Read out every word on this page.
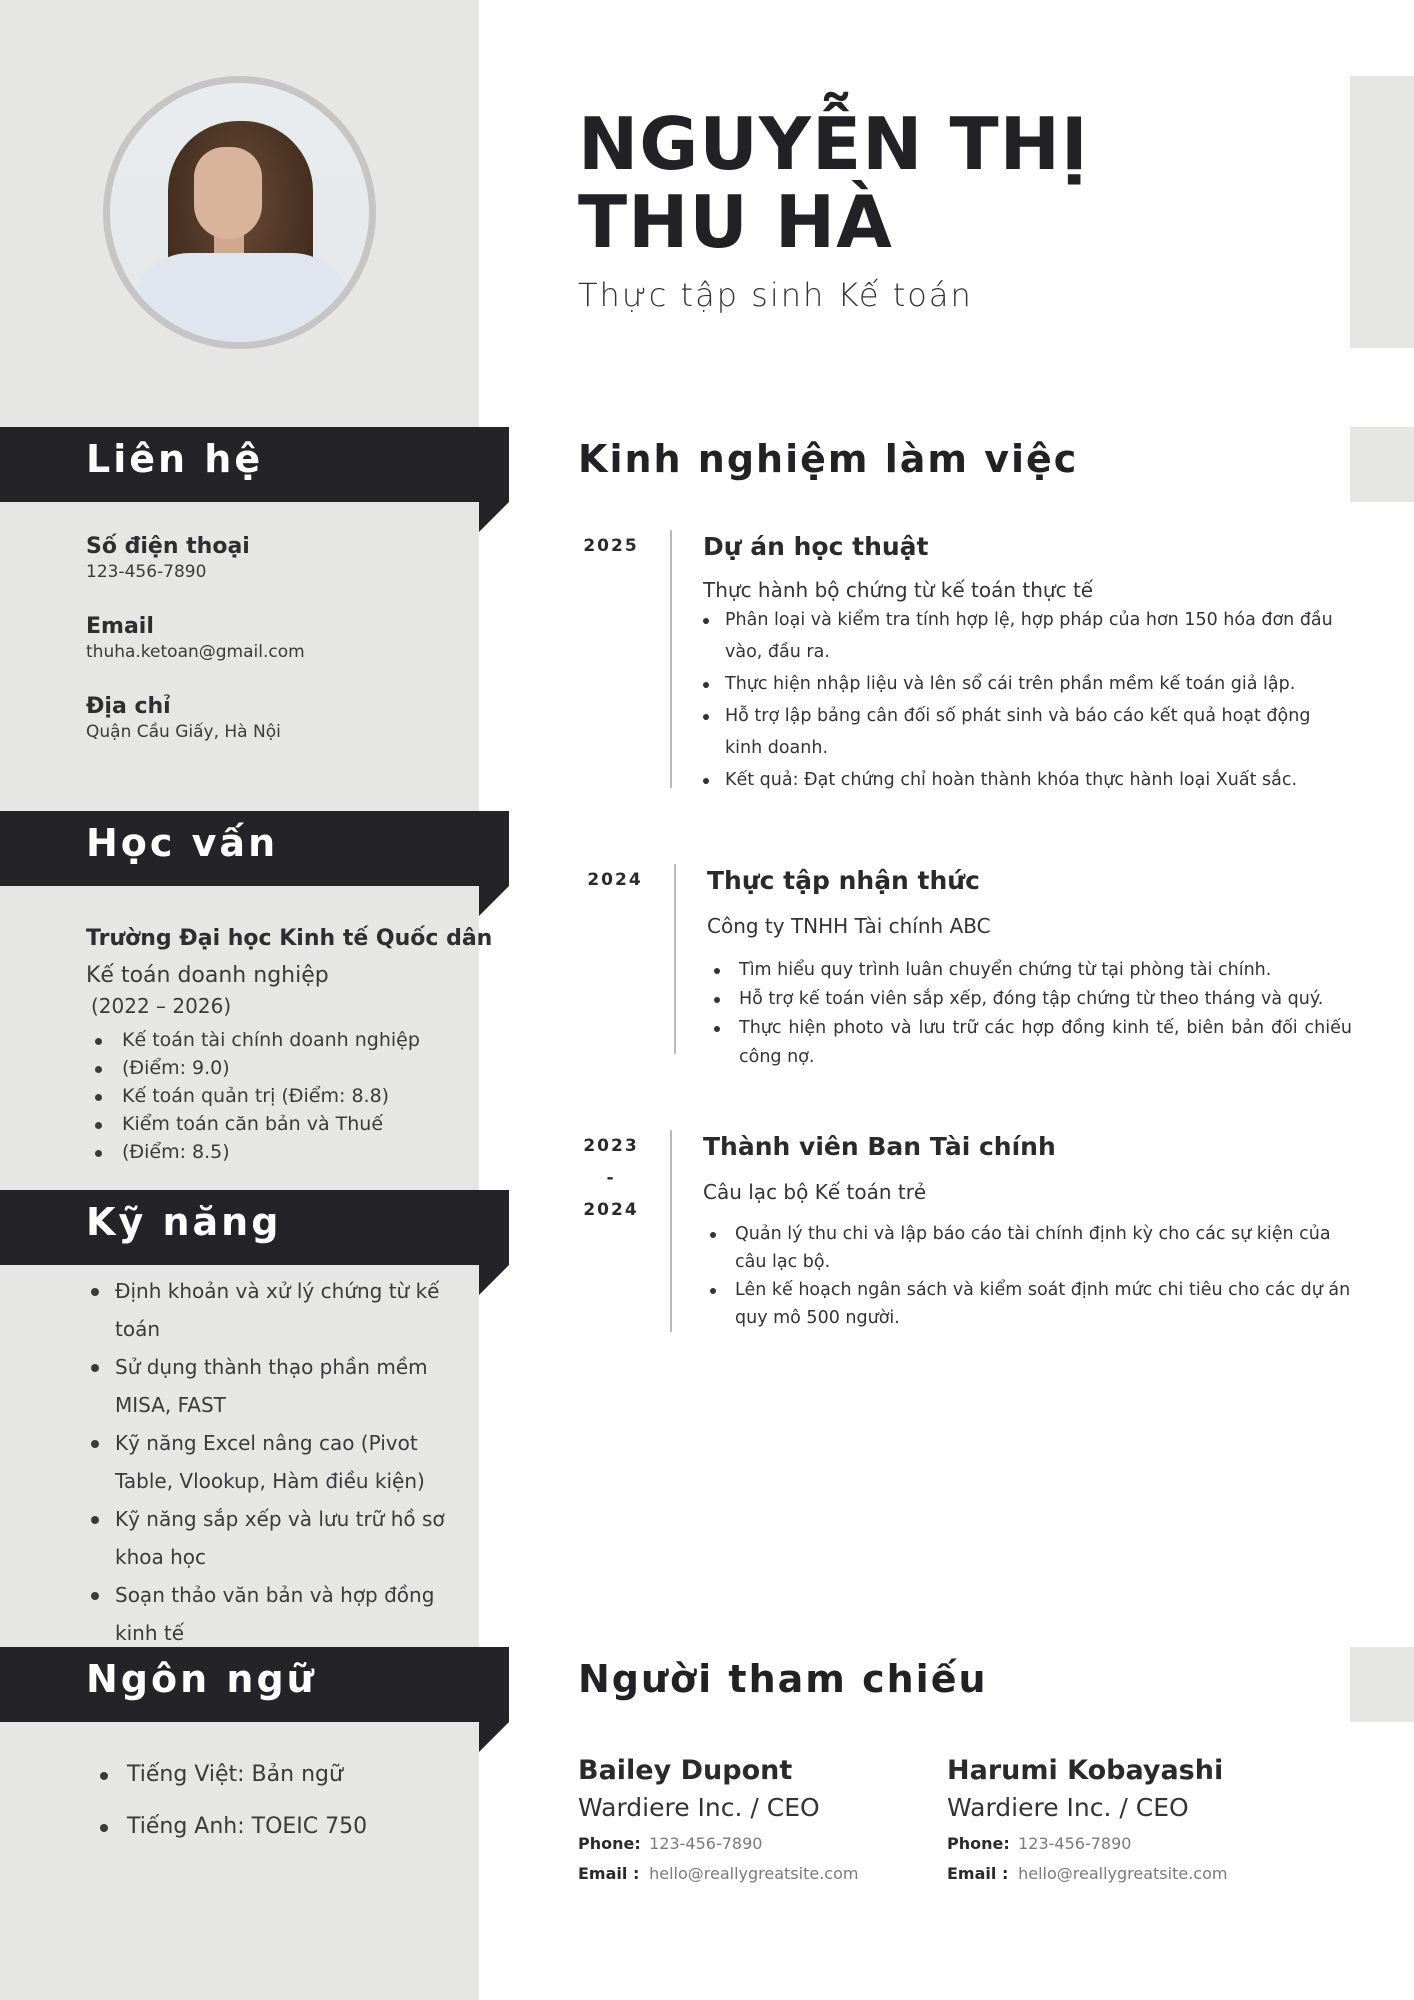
NGUYỄN THỊ
THU HÀ
Thực tập sinh Kế toán
Liên hệ
Số điện thoại
123-456-7890
Email
thuha.ketoan@gmail.com
Địa chỉ
Quận Cầu Giấy, Hà Nội
Học vấn
Trường Đại học Kinh tế Quốc dân
Kế toán doanh nghiệp
(2022 – 2026)
Kế toán tài chính doanh nghiệp
(Điểm: 9.0)
Kế toán quản trị (Điểm: 8.8)
Kiểm toán căn bản và Thuế
(Điểm: 8.5)
Kỹ năng
Định khoản và xử lý chứng từ kế toán
Sử dụng thành thạo phần mềm MISA, FAST
Kỹ năng Excel nâng cao (Pivot Table, Vlookup, Hàm điều kiện)
Kỹ năng sắp xếp và lưu trữ hồ sơ khoa học
Soạn thảo văn bản và hợp đồng kinh tế
Ngôn ngữ
Tiếng Việt: Bản ngữ
Tiếng Anh: TOEIC 750
Kinh nghiệm làm việc
2025	Dự án học thuật
Thực hành bộ chứng từ kế toán thực tế
Phân loại và kiểm tra tính hợp lệ, hợp pháp của hơn 150 hóa đơn đầu vào, đầu ra.
Thực hiện nhập liệu và lên sổ cái trên phần mềm kế toán giả lập.
Hỗ trợ lập bảng cân đối số phát sinh và báo cáo kết quả hoạt động kinh doanh.
Kết quả: Đạt chứng chỉ hoàn thành khóa thực hành loại Xuất sắc.
2024	Thực tập nhận thức
Công ty TNHH Tài chính ABC
Tìm hiểu quy trình luân chuyển chứng từ tại phòng tài chính.
Hỗ trợ kế toán viên sắp xếp, đóng tập chứng từ theo tháng và quý.
Thực hiện photo và lưu trữ các hợp đồng kinh tế, biên bản đối chiếu công nợ.
2023
-
2024
Thành viên Ban Tài chính
Câu lạc bộ Kế toán trẻ
Quản lý thu chi và lập báo cáo tài chính định kỳ cho các sự kiện của câu lạc bộ.
Lên kế hoạch ngân sách và kiểm soát định mức chi tiêu cho các dự án quy mô 500 người.
Người tham chiếu
Bailey Dupont
Wardiere Inc. / CEO
Phone: 123-456-7890
Email : hello@reallygreatsite.com
Harumi Kobayashi
Wardiere Inc. / CEO
Phone: 123-456-7890
Email : hello@reallygreatsite.com
